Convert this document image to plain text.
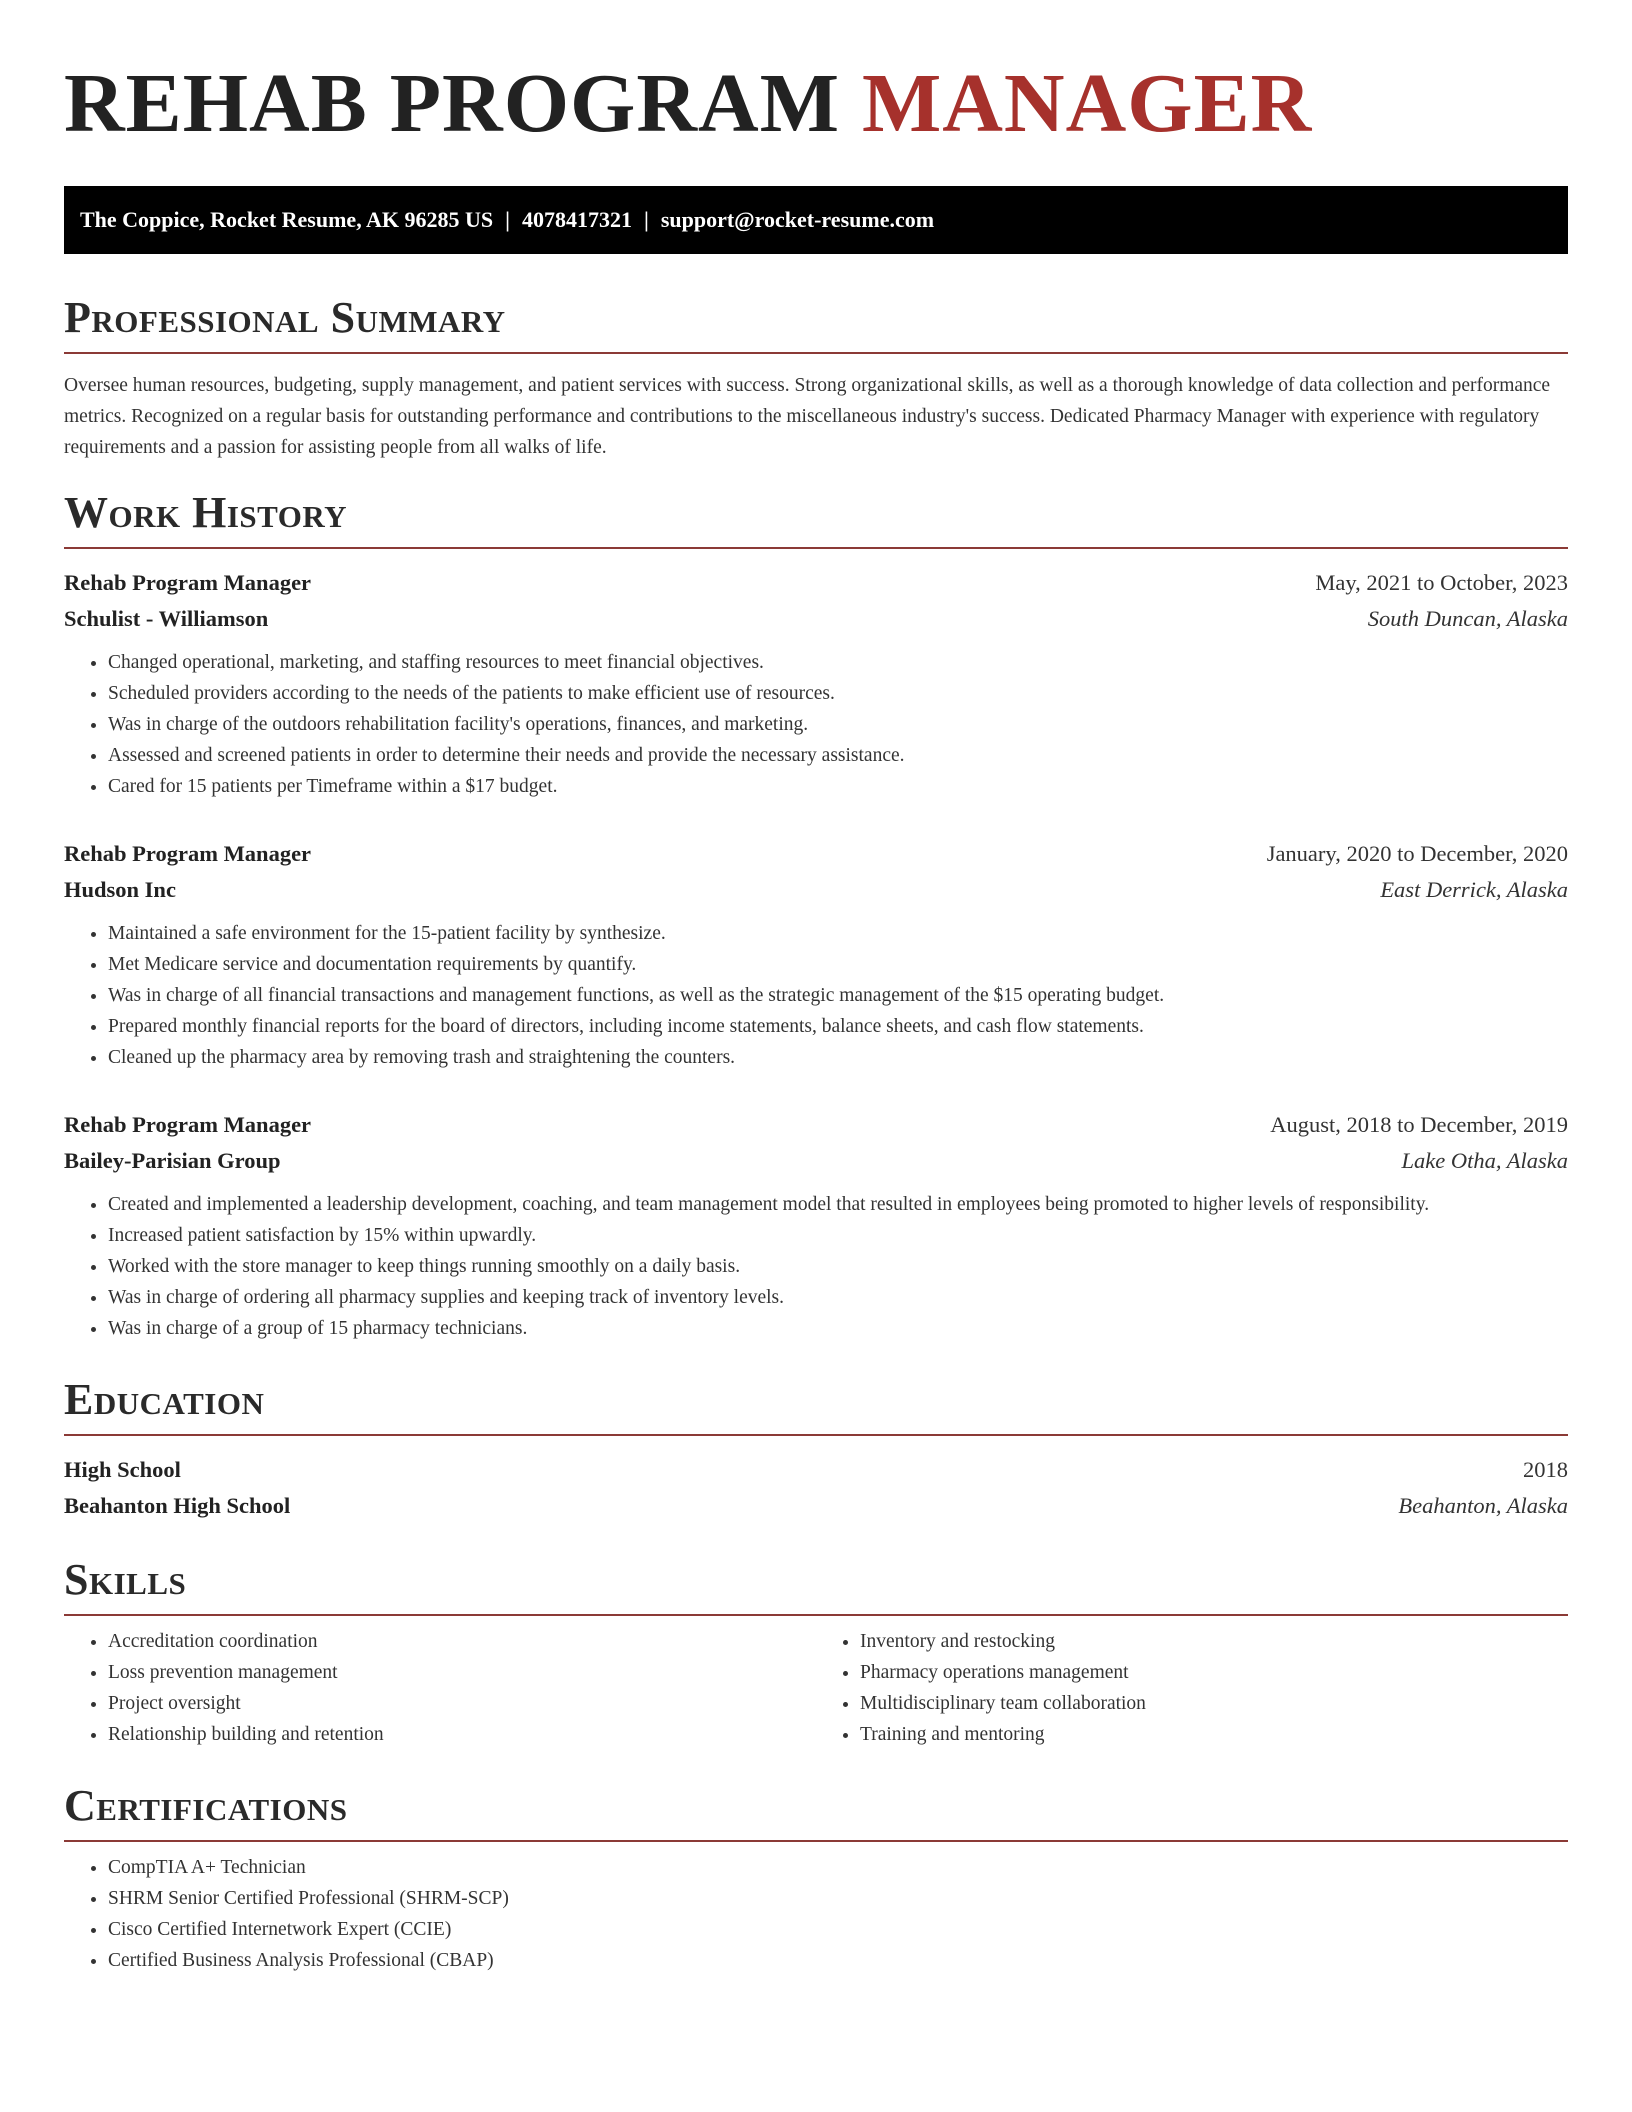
REHAB PROGRAM MANAGER
The Coppice, Rocket Resume, AK 96285 US | 4078417321 | support@rocket-resume.com
Professional Summary
Oversee human resources, budgeting, supply management, and patient services with success. Strong organizational skills, as well as a thorough knowledge of data collection and performance metrics. Recognized on a regular basis for outstanding performance and contributions to the miscellaneous industry's success. Dedicated Pharmacy Manager with experience with regulatory requirements and a passion for assisting people from all walks of life.
Work History
Rehab Program Manager	May, 2021 to October, 2023
Schulist - Williamson	South Duncan, Alaska
• Changed operational, marketing, and staffing resources to meet financial objectives.
• Scheduled providers according to the needs of the patients to make efficient use of resources.
• Was in charge of the outdoors rehabilitation facility's operations, finances, and marketing.
• Assessed and screened patients in order to determine their needs and provide the necessary assistance.
• Cared for 15 patients per Timeframe within a $17 budget.
Rehab Program Manager	January, 2020 to December, 2020
Hudson Inc	East Derrick, Alaska
• Maintained a safe environment for the 15-patient facility by synthesize.
• Met Medicare service and documentation requirements by quantify.
• Was in charge of all financial transactions and management functions, as well as the strategic management of the $15 operating budget.
• Prepared monthly financial reports for the board of directors, including income statements, balance sheets, and cash flow statements.
• Cleaned up the pharmacy area by removing trash and straightening the counters.
Rehab Program Manager	August, 2018 to December, 2019
Bailey-Parisian Group	Lake Otha, Alaska
• Created and implemented a leadership development, coaching, and team management model that resulted in employees being promoted to higher levels of responsibility.
• Increased patient satisfaction by 15% within upwardly.
• Worked with the store manager to keep things running smoothly on a daily basis.
• Was in charge of ordering all pharmacy supplies and keeping track of inventory levels.
• Was in charge of a group of 15 pharmacy technicians.
Education
High School	2018
Beahanton High School	Beahanton, Alaska
Skills
• Accreditation coordination
• Loss prevention management
• Project oversight
• Relationship building and retention
• Inventory and restocking
• Pharmacy operations management
• Multidisciplinary team collaboration
• Training and mentoring
Certifications
• CompTIA A+ Technician
• SHRM Senior Certified Professional (SHRM-SCP)
• Cisco Certified Internetwork Expert (CCIE)
• Certified Business Analysis Professional (CBAP)
